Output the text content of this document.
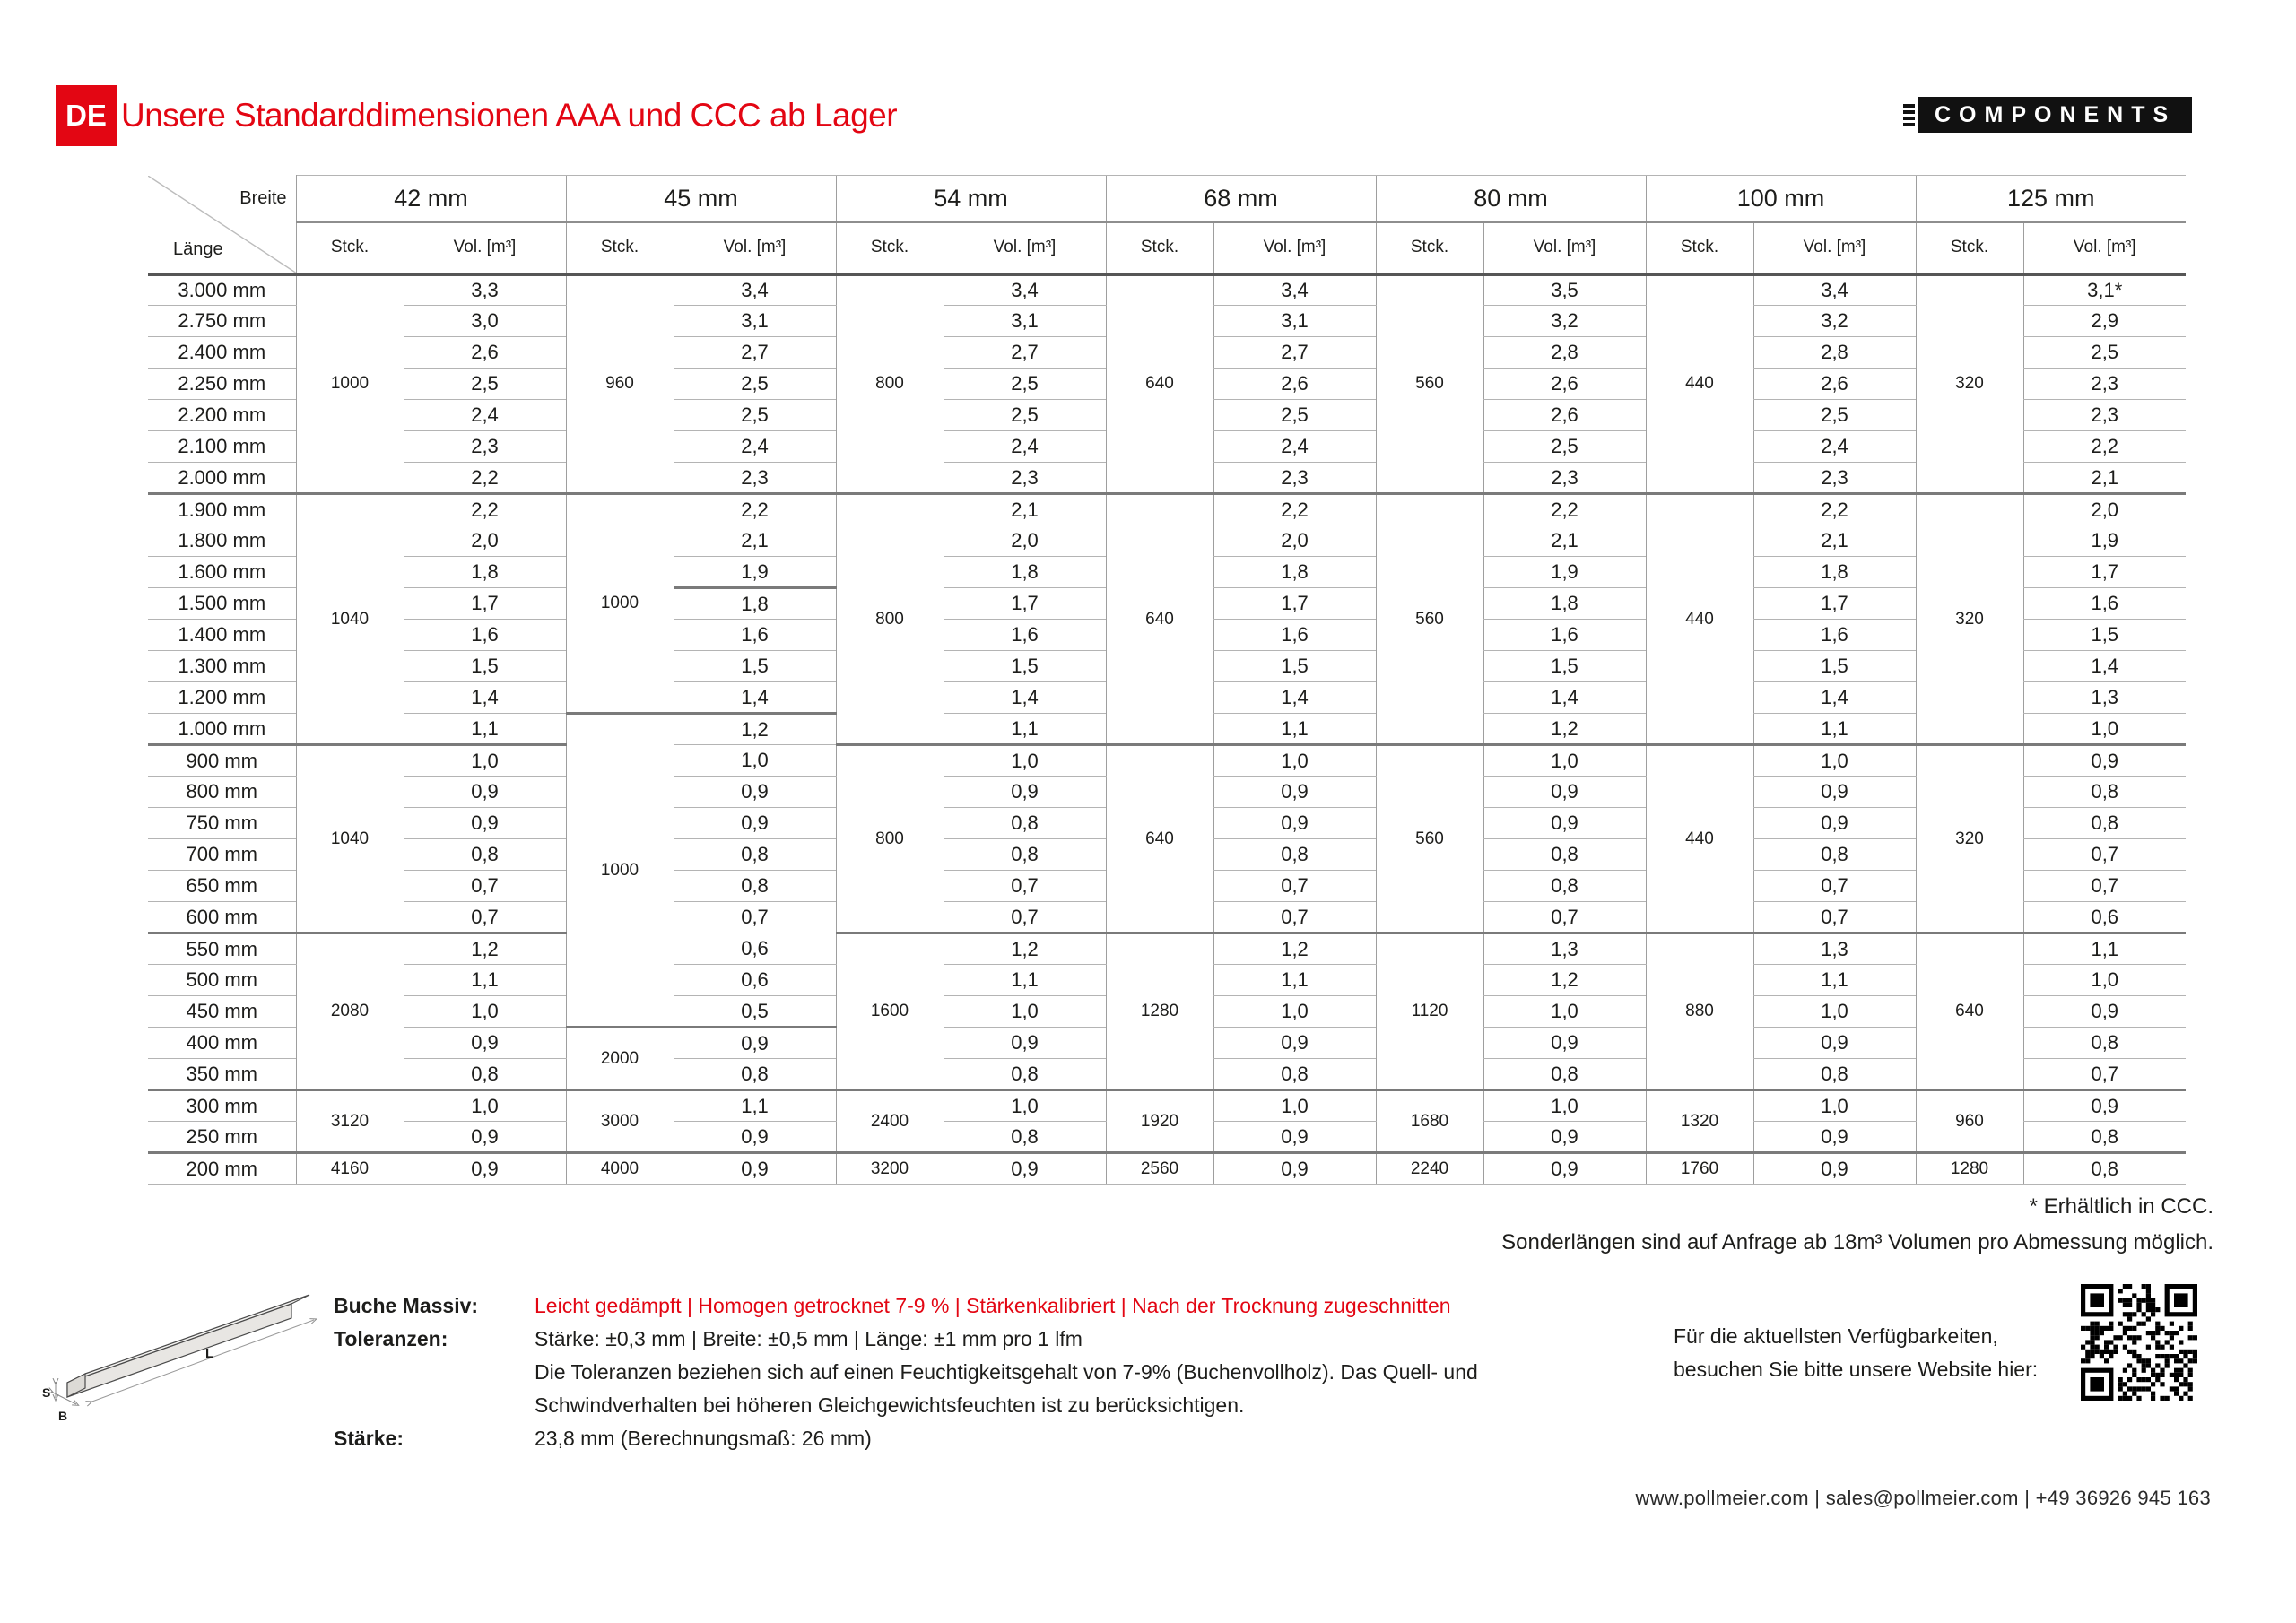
DE Unsere Standarddimensionen AAA und CCC ab Lager	COMPONENTS
Breite
Länge	42 mm		45 mm		54 mm		68 mm		80 mm		100 mm		125 mm	
	Stck.	Vol. [m³]	Stck.	Vol. [m³]	Stck.	Vol. [m³]	Stck.	Vol. [m³]	Stck.	Vol. [m³]	Stck.	Vol. [m³]	Stck.	Vol. [m³]
3.000 mm	1000	3,3	960	3,4	800	3,4	640	3,4	560	3,5	440	3,4	320	3,1*
2.750 mm		3,0		3,1		3,1		3,1		3,2		3,2		2,9
2.400 mm		2,6		2,7		2,7		2,7		2,8		2,8		2,5
2.250 mm		2,5		2,5		2,5		2,6		2,6		2,6		2,3
2.200 mm		2,4		2,5		2,5		2,5		2,6		2,5		2,3
2.100 mm		2,3		2,4		2,4		2,4		2,5		2,4		2,2
2.000 mm		2,2		2,3		2,3		2,3		2,3		2,3		2,1
1.900 mm	1040	2,2	1000	2,2	800	2,1	640	2,2	560	2,2	440	2,2	320	2,0
1.800 mm		2,0		2,1		2,0		2,0		2,1		2,1		1,9
1.600 mm		1,8		1,9		1,8		1,8		1,9		1,8		1,7
1.500 mm		1,7		1,8		1,7		1,7		1,8		1,7		1,6
1.400 mm		1,6		1,6		1,6		1,6		1,6		1,6		1,5
1.300 mm		1,5		1,5		1,5		1,5		1,5		1,5		1,4
1.200 mm		1,4		1,4		1,4		1,4		1,4		1,4		1,3
1.000 mm		1,1	1000	1,2		1,1		1,1		1,2		1,1		1,0
900 mm	1040	1,0		1,0	800	1,0	640	1,0	560	1,0	440	1,0	320	0,9
800 mm		0,9		0,9		0,9		0,9		0,9		0,9		0,8
750 mm		0,9		0,9		0,8		0,9		0,9		0,9		0,8
700 mm		0,8		0,8		0,8		0,8		0,8		0,8		0,7
650 mm		0,7		0,8		0,7		0,7		0,8		0,7		0,7
600 mm		0,7		0,7		0,7		0,7		0,7		0,7		0,6
550 mm	2080	1,2		0,6	1600	1,2	1280	1,2	1120	1,3	880	1,3	640	1,1
500 mm		1,1		0,6		1,1		1,1		1,2		1,1		1,0
450 mm		1,0		0,5		1,0		1,0		1,0		1,0		0,9
400 mm		0,9	2000	0,9		0,9		0,9		0,9		0,9		0,8
350 mm		0,8		0,8		0,8		0,8		0,8		0,8		0,7
300 mm	3120	1,0	3000	1,1	2400	1,0	1920	1,0	1680	1,0	1320	1,0	960	0,9
250 mm		0,9		0,9		0,8		0,9		0,9		0,9		0,8
200 mm	4160	0,9	4000	0,9	3200	0,9	2560	0,9	2240	0,9	1760	0,9	1280	0,8
* Erhältlich in CCC.
Sonderlängen sind auf Anfrage ab 18m³ Volumen pro Abmessung möglich.
S
B
L
Buche Massiv:	Leicht gedämpft | Homogen getrocknet 7-9 % | Stärkenkalibriert | Nach der Trocknung zugeschnitten
Toleranzen:	Stärke: ±0,3 mm | Breite: ±0,5 mm | Länge: ±1 mm pro 1 lfm
Die Toleranzen beziehen sich auf einen Feuchtigkeitsgehalt von 7-9% (Buchenvollholz). Das Quell- und
Schwindverhalten bei höheren Gleichgewichtsfeuchten ist zu berücksichtigen.
Stärke:	23,8 mm (Berechnungsmaß: 26 mm)
Für die aktuellsten Verfügbarkeiten,
besuchen Sie bitte unsere Website hier:
www.pollmeier.com | sales@pollmeier.com | +49 36926 945 163
